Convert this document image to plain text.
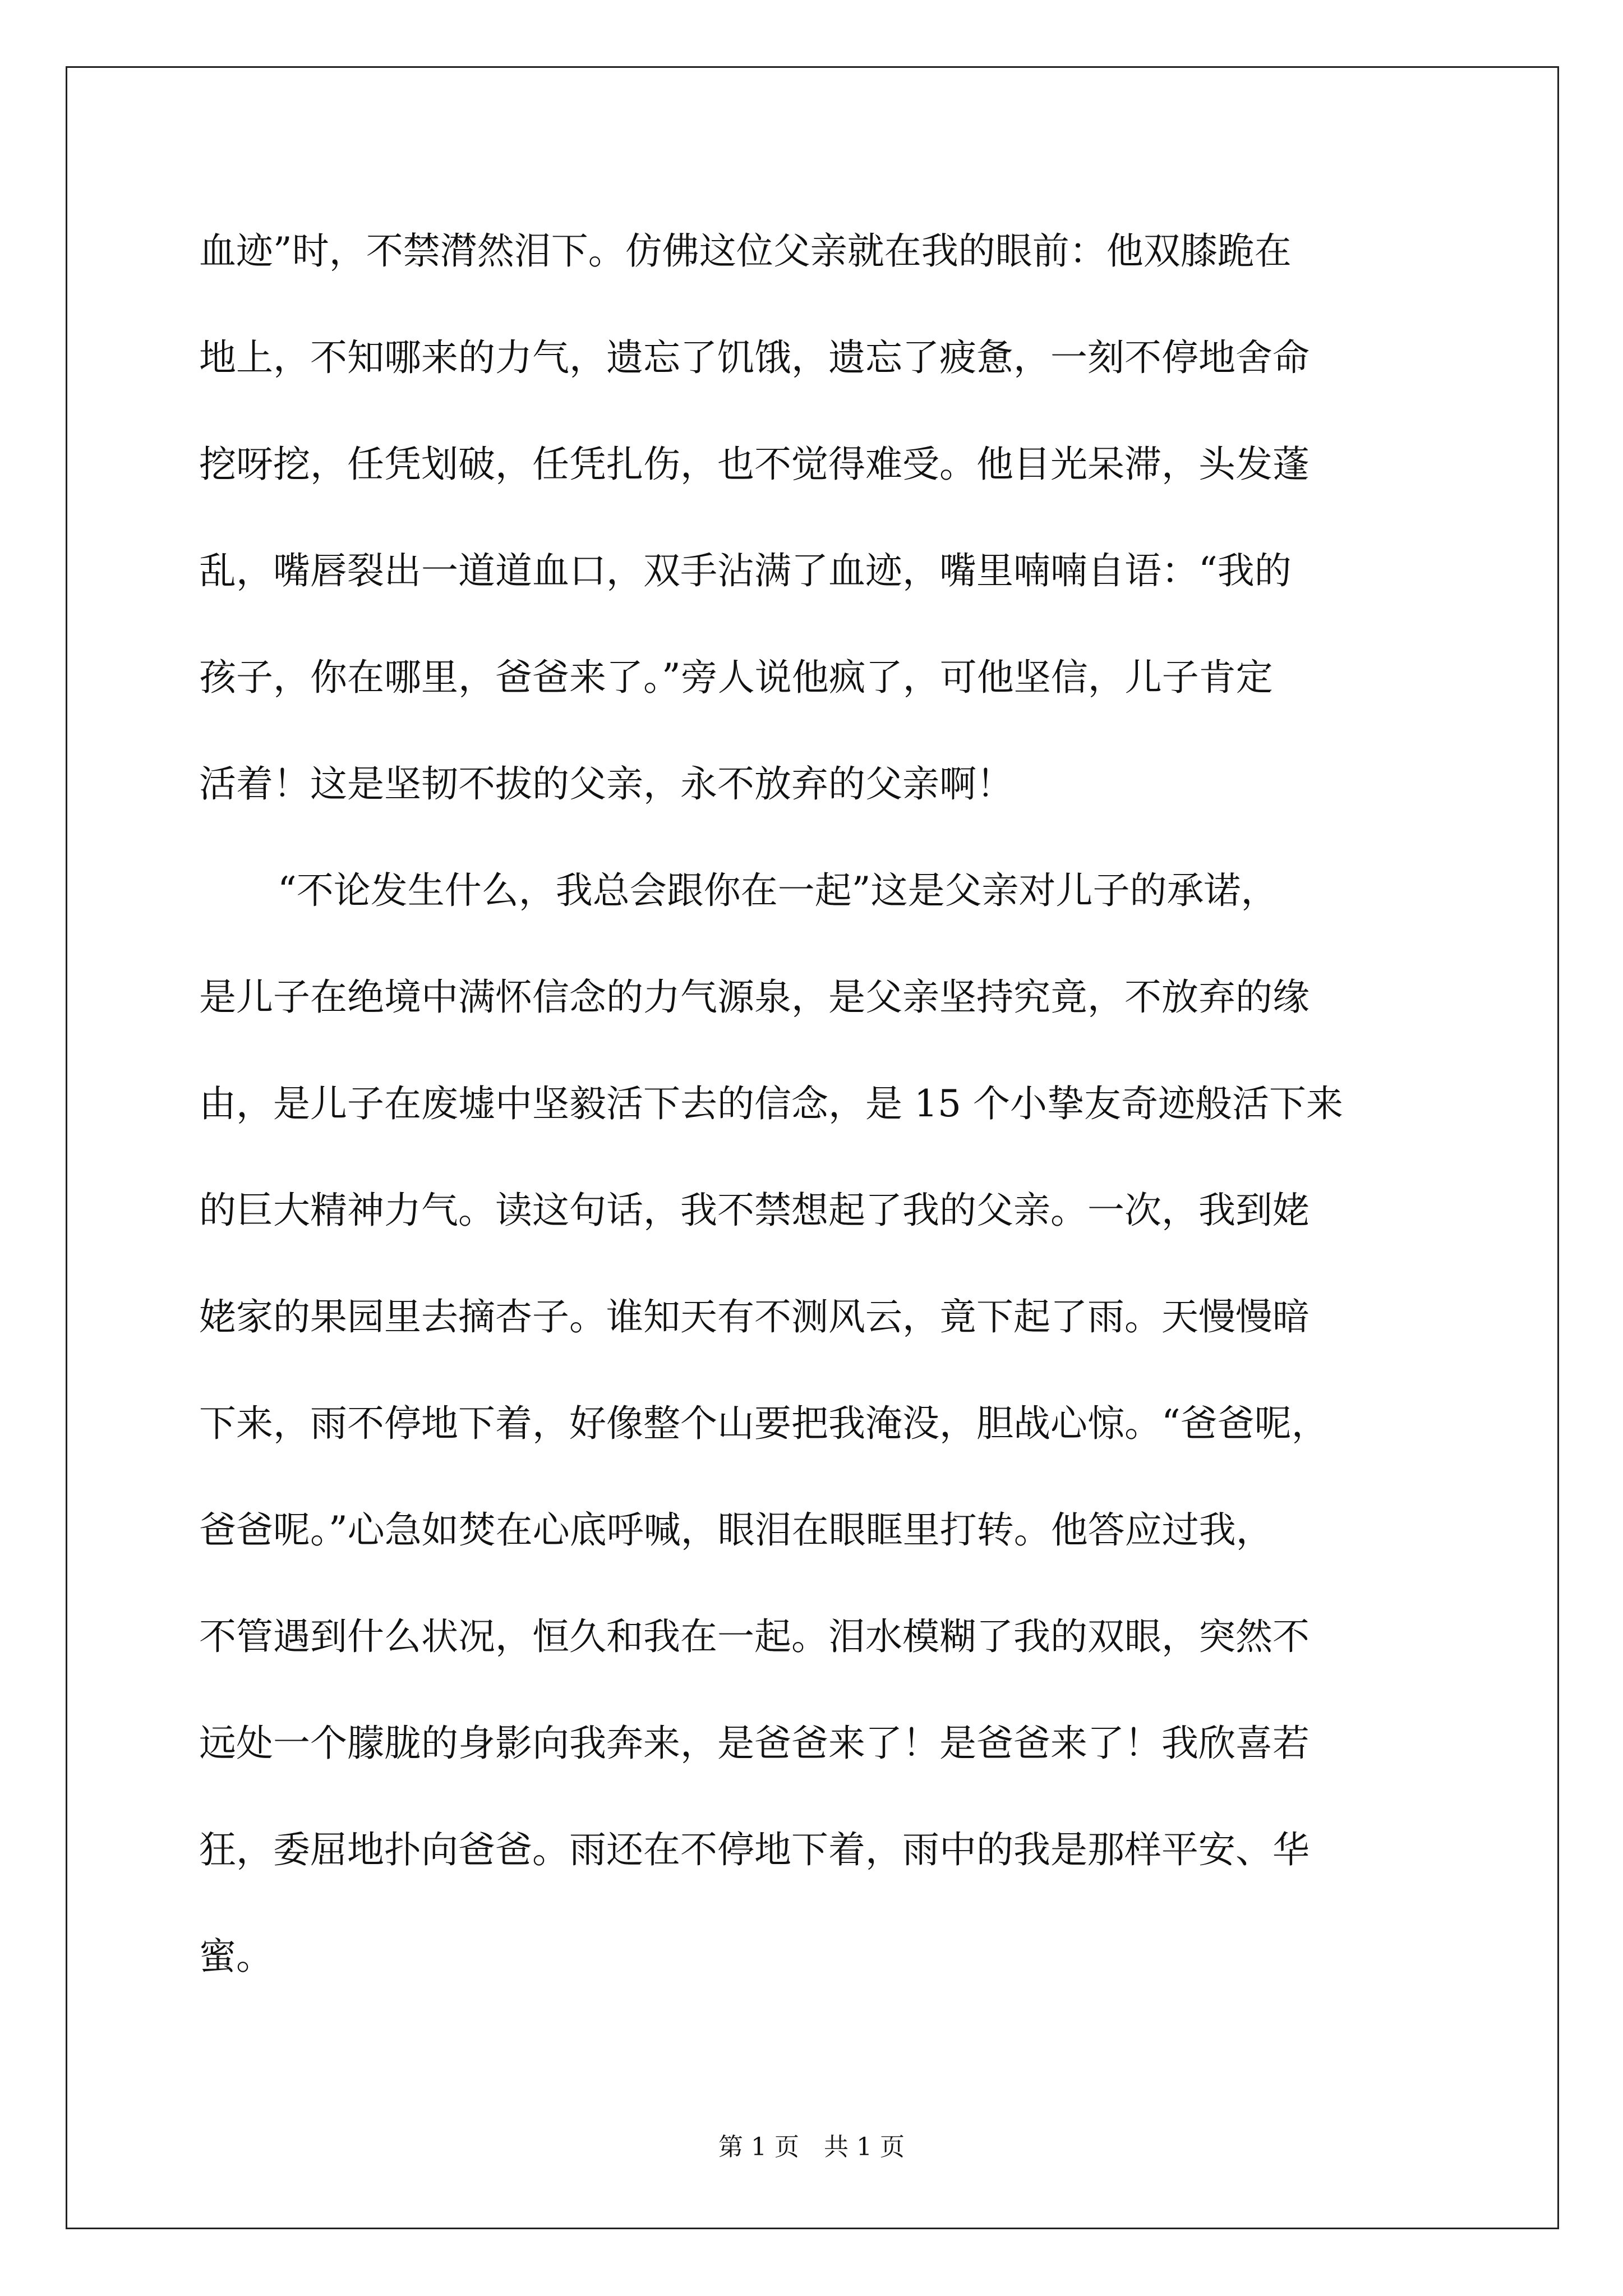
血迹”时，不禁潸然泪下。仿佛这位父亲就在我的眼前：他双膝跪在
地上，不知哪来的力气，遗忘了饥饿，遗忘了疲惫，一刻不停地舍命
挖呀挖，任凭划破，任凭扎伤，也不觉得难受。他目光呆滞，头发蓬
乱，嘴唇裂出一道道血口，双手沾满了血迹，嘴里喃喃自语：“我的
孩子，你在哪里，爸爸来了。”旁人说他疯了，可他坚信，儿子肯定
活着！这是坚韧不拔的父亲，永不放弃的父亲啊！
“不论发生什么，我总会跟你在一起”这是父亲对儿子的承诺，
是儿子在绝境中满怀信念的力气源泉，是父亲坚持究竟，不放弃的缘
由，是儿子在废墟中坚毅活下去的信念，是 15 个小挚友奇迹般活下来
的巨大精神力气。读这句话，我不禁想起了我的父亲。一次，我到姥
姥家的果园里去摘杏子。谁知天有不测风云，竟下起了雨。天慢慢暗
下来，雨不停地下着，好像整个山要把我淹没，胆战心惊。“爸爸呢，
爸爸呢。”心急如焚在心底呼喊，眼泪在眼眶里打转。他答应过我，
不管遇到什么状况，恒久和我在一起。泪水模糊了我的双眼，突然不
远处一个朦胧的身影向我奔来，是爸爸来了！是爸爸来了！我欣喜若
狂，委屈地扑向爸爸。雨还在不停地下着，雨中的我是那样平安、华
蜜。
第 1 页　共 1 页
